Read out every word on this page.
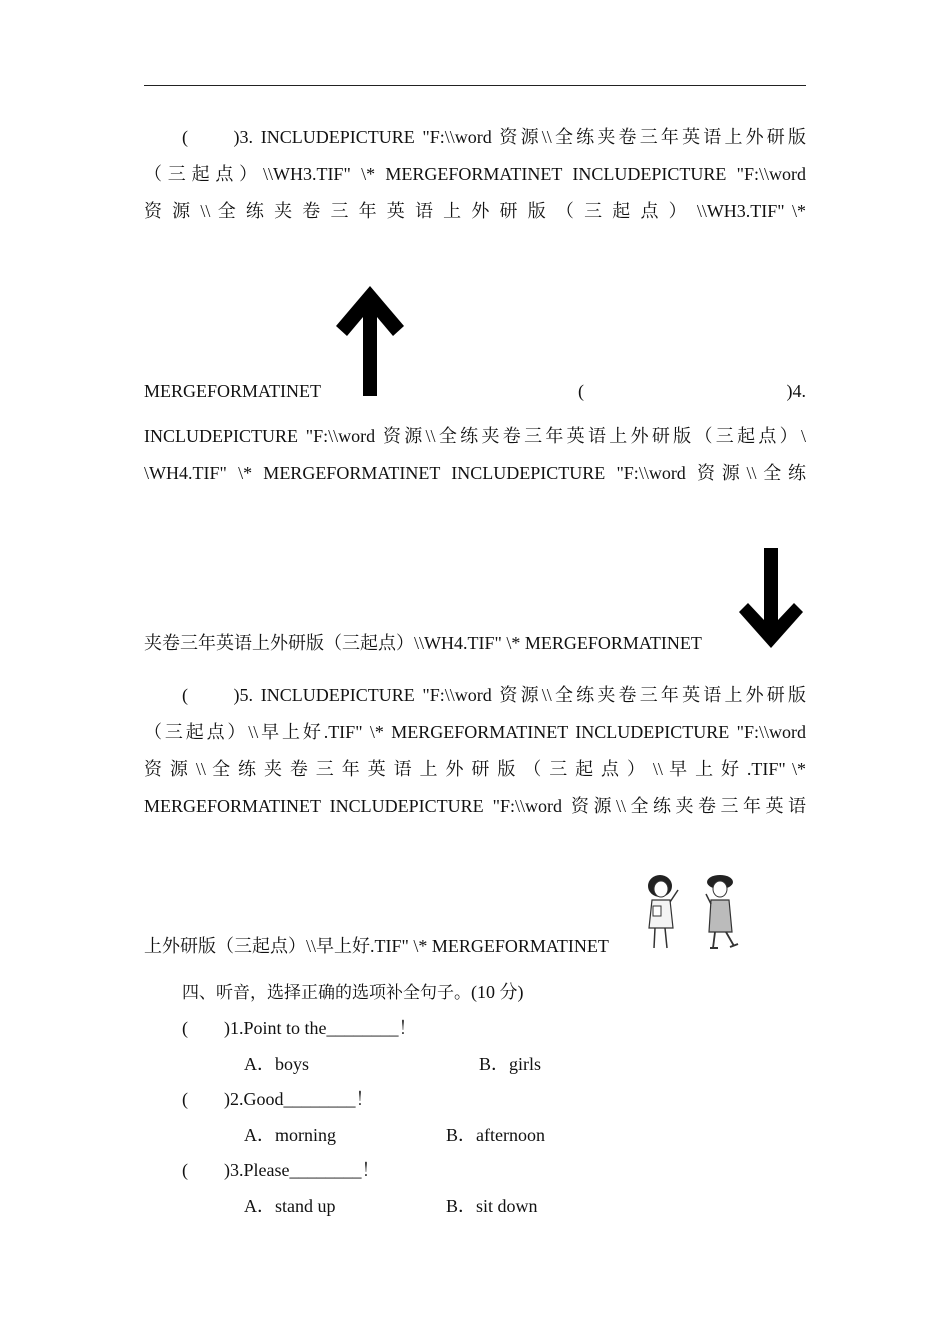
(　　)3. INCLUDEPICTURE "F:\\word 资源\\全练夹卷三年英语上外研版
（三起点）\\WH3.TIF" \* MERGEFORMATINET INCLUDEPICTURE "F:\\word
资 源 \\ 全 练 夹 卷 三 年 英 语 上 外 研 版 （ 三 起 点 ） \\WH3.TIF" \*
MERGEFORMATINET	(	)4.
INCLUDEPICTURE "F:\\word 资源\\全练夹卷三年英语上外研版（三起点）\
\WH4.TIF" \* MERGEFORMATINET INCLUDEPICTURE "F:\\word 资源\\全练
夹卷三年英语上外研版（三起点）\\WH4.TIF" \* MERGEFORMATINET
(　　)5. INCLUDEPICTURE "F:\\word 资源\\全练夹卷三年英语上外研版
（三起点）\\早上好.TIF" \* MERGEFORMATINET INCLUDEPICTURE "F:\\word
资 源 \\ 全 练 夹 卷 三 年 英 语 上 外 研 版 （ 三 起 点 ） \\ 早 上 好 .TIF" \*
MERGEFORMATINET INCLUDEPICTURE "F:\\word 资源\\全练夹卷三年英语
上外研版（三起点）\\早上好.TIF" \* MERGEFORMATINET
四、听音，选择正确的选项补全句子。(10 分)
(　　)1.Point to the________！
A．boys	B．girls
(　　)2.Good________！
A．morning	B．afternoon
(　　)3.Please________！
A．stand up	B．sit down
